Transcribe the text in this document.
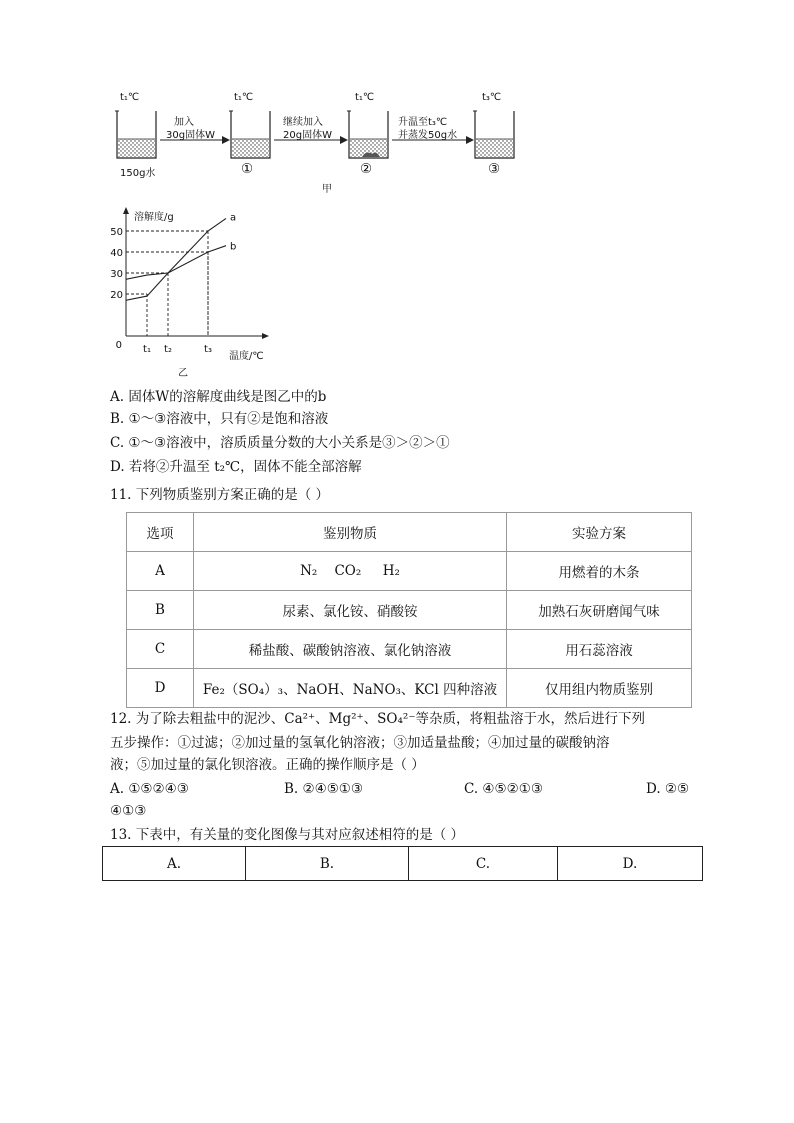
t₁℃	t₁℃	t₁℃	t₃℃
加入
30g固体W
继续加入
20g固体W
升温至t₃℃
并蒸发50g水
150g水	①	②	③
甲
0
20
30
40
50
t₁ t₂	t₃
a
b
溶解度/g
温度/℃
乙
A. 固体W的溶解度曲线是图乙中的b
B. ①～③溶液中，只有②是饱和溶液
C. ①～③溶液中，溶质质量分数的大小关系是③＞②＞①
D. 若将②升温至 t₂℃，固体不能全部溶解
11. 下列物质鉴别方案正确的是（ ）
选项	鉴别物质	实验方案
A	N₂    CO₂     H₂	用燃着的木条
B	尿素、氯化铵、硝酸铵	加熟石灰研磨闻气味
C	稀盐酸、碳酸钠溶液、氯化钠溶液	用石蕊溶液
D	Fe₂（SO₄）₃、NaOH、NaNO₃、KCl 四种溶液	仅用组内物质鉴别
12. 为了除去粗盐中的泥沙、Ca²⁺、Mg²⁺、SO₄²⁻等杂质，将粗盐溶于水，然后进行下列
五步操作：①过滤；②加过量的氢氧化钠溶液；③加适量盐酸；④加过量的碳酸钠溶
液；⑤加过量的氯化钡溶液。正确的操作顺序是（ ）
A. ①⑤②④③	B. ②④⑤①③	C. ④⑤②①③	D. ②⑤
④①③
13. 下表中，有关量的变化图像与其对应叙述相符的是（ ）
A.	B.	C.	D.
